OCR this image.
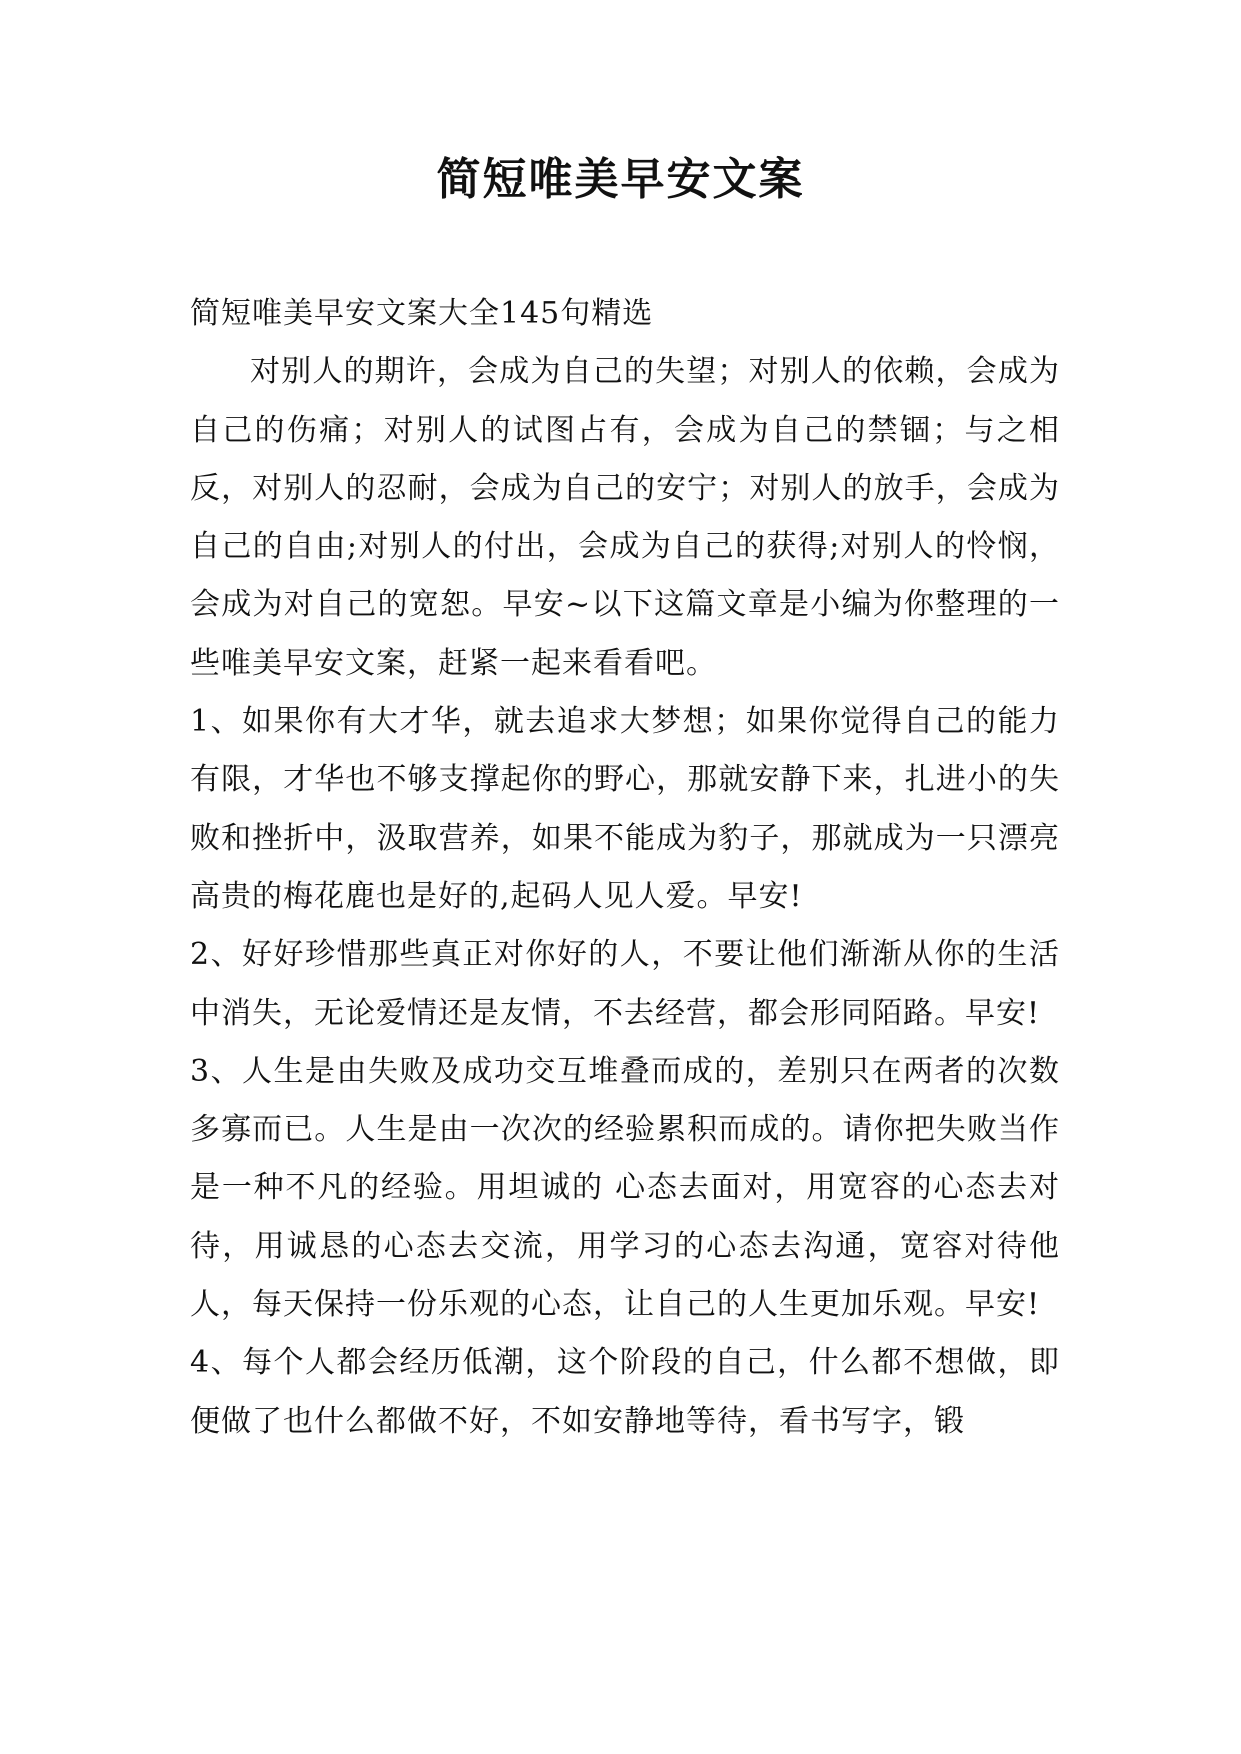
简短唯美早安文案

简短唯美早安文案大全145句精选

对别人的期许，会成为自己的失望；对别人的依赖，会成为自己的伤痛；对别人的试图占有，会成为自己的禁锢；与之相反，对别人的忍耐，会成为自己的安宁；对别人的放手，会成为自己的自由;对别人的付出，会成为自己的获得;对别人的怜悯，会成为对自己的宽恕。早安~以下这篇文章是小编为你整理的一些唯美早安文案，赶紧一起来看看吧。

1、如果你有大才华，就去追求大梦想；如果你觉得自己的能力有限，才华也不够支撑起你的野心，那就安静下来，扎进小的失败和挫折中，汲取营养，如果不能成为豹子，那就成为一只漂亮高贵的梅花鹿也是好的,起码人见人爱。早安!

2、好好珍惜那些真正对你好的人，不要让他们渐渐从你的生活中消失，无论爱情还是友情，不去经营，都会形同陌路。早安!

3、人生是由失败及成功交互堆叠而成的，差别只在两者的次数多寡而已。人生是由一次次的经验累积而成的。请你把失败当作是一种不凡的经验。用坦诚的 心态去面对，用宽容的心态去对待，用诚恳的心态去交流，用学习的心态去沟通，宽容对待他人，每天保持一份乐观的心态，让自己的人生更加乐观。早安!

4、每个人都会经历低潮，这个阶段的自己，什么都不想做，即便做了也什么都做不好，不如安静地等待，看书写字，锻
